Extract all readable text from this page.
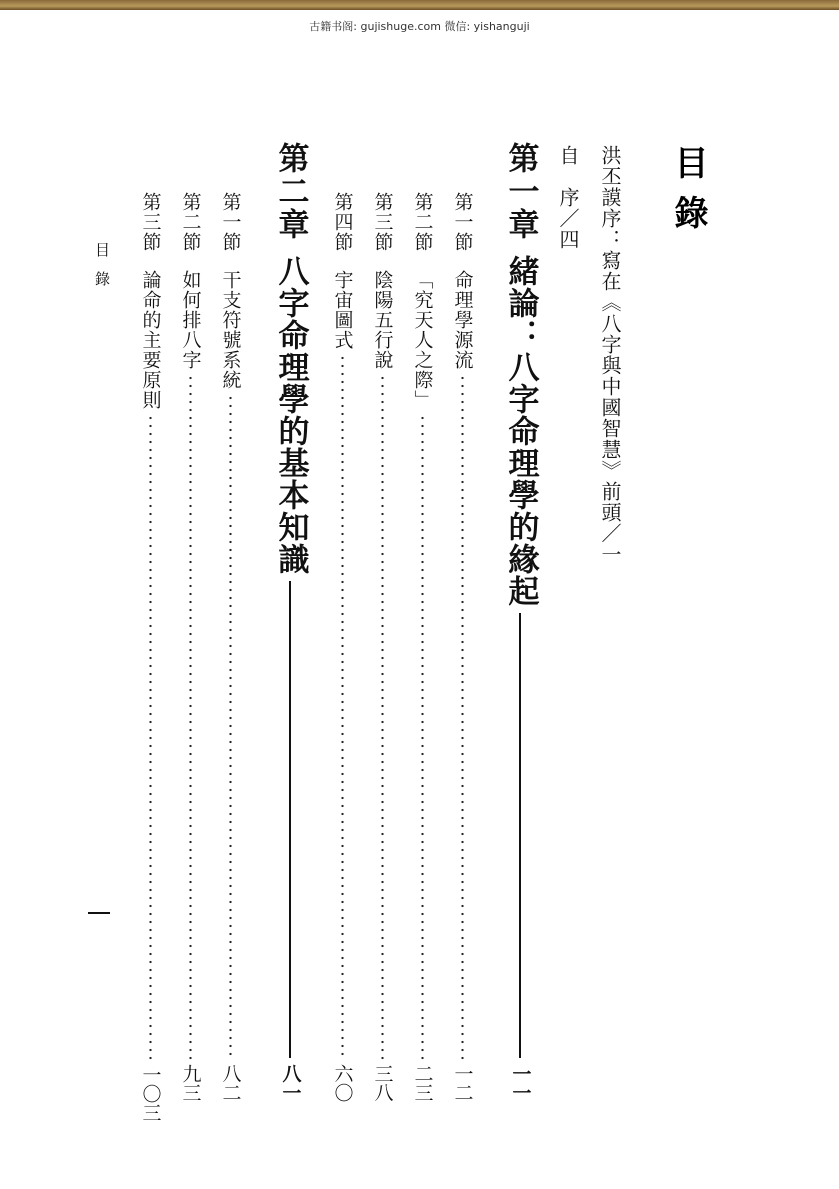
古籍书阁: gujishuge.com 微信: yishanguji
目錄
洪丕謨序：寫在《八字與中國智慧》前頭／一
自　序／四
第一章
緒論：八字命理學的緣起
一一
第一節
命理學源流
一二
第二節
「究天人之際」
二三
第三節
陰陽五行說
三八
第四節
宇宙圖式
六〇
第二章
八字命理學的基本知識
八一
第一節
干支符號系統
八二
第二節
如何排八字
九三
第三節
論命的主要原則
一〇三
目錄
